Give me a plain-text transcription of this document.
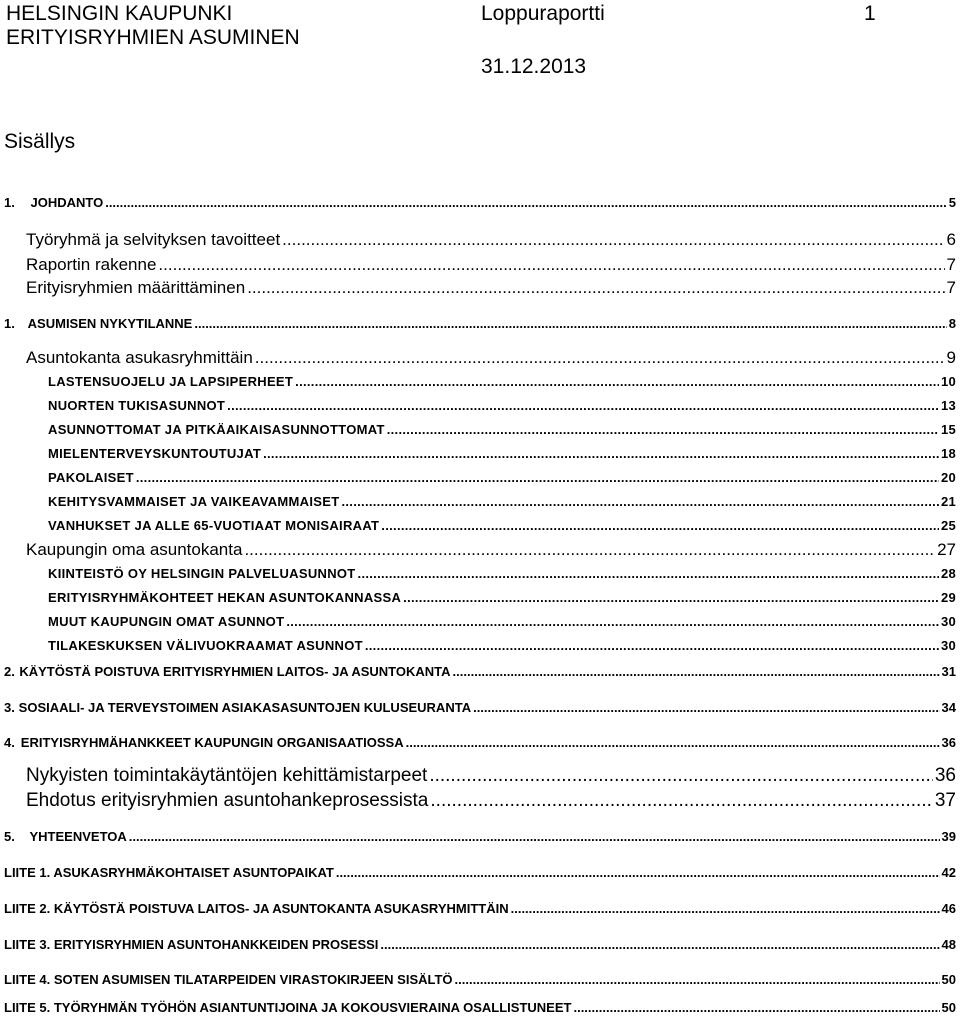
HELSINGIN KAUPUNKI
ERITYISRYHMIEN ASUMINEN
Loppuraportti	1
31.12.2013
Sisällys
1.	JOHDANTO .....	5
Työryhmä ja selvityksen tavoitteet .....	6
Raportin rakenne .....	7
Erityisryhmien määrittäminen .....	7
1. ASUMISEN NYKYTILANNE .....	8
Asuntokanta asukasryhmittäin .....	9
LASTENSUOJELU JA LAPSIPERHEET .....	10
NUORTEN TUKISASUNNOT .....	13
ASUNNOTTOMAT JA PITKÄAIKAISASUNNOTTOMAT .....	15
MIELENTERVEYSKUNTOUTUJAT .....	18
PAKOLAISET .....	20
KEHITYSVAMMAISET JA VAIKEAVAMMAISET .....	21
VANHUKSET JA ALLE 65-VUOTIAAT MONISAIRAAT .....	25
Kaupungin oma asuntokanta .....	27
KIINTEISTÖ OY HELSINGIN PALVELUASUNNOT .....	28
ERITYISRYHMÄKOHTEET HEKAN ASUNTOKANNASSA .....	29
MUUT KAUPUNGIN OMAT ASUNNOT .....	30
TILAKESKUKSEN VÄLIVUOKRAAMAT ASUNNOT .....	30
2. KÄYTÖSTÄ POISTUVA ERITYISRYHMIEN LAITOS- JA ASUNTOKANTA .....	31
3. SOSIAALI- JA TERVEYSTOIMEN ASIAKASASUNTOJEN KULUSEURANTA .....	34
4. ERITYISRYHMÄHANKKEET KAUPUNGIN ORGANISAATIOSSA .....	36
Nykyisten toimintakäytäntöjen kehittämistarpeet .....	36
Ehdotus erityisryhmien asuntohankeprosessista .....	37
5.	YHTEENVETOA .....	39
LIITE 1. ASUKASRYHMÄKOHTAISET ASUNTOPAIKAT .....	42
LIITE 2. KÄYTÖSTÄ POISTUVA LAITOS- JA ASUNTOKANTA ASUKASRYHMITTÄIN .....	46
LIITE 3. ERITYISRYHMIEN ASUNTOHANKKEIDEN PROSESSI .....	48
LIITE 4. SOTEN ASUMISEN TILATARPEIDEN VIRASTOKIRJEEN SISÄLTÖ .....	50
LIITE 5. TYÖRYHMÄN TYÖHÖN ASIANTUNTIJOINA JA KOKOUSVIERAINA OSALLISTUNEET .....	50
